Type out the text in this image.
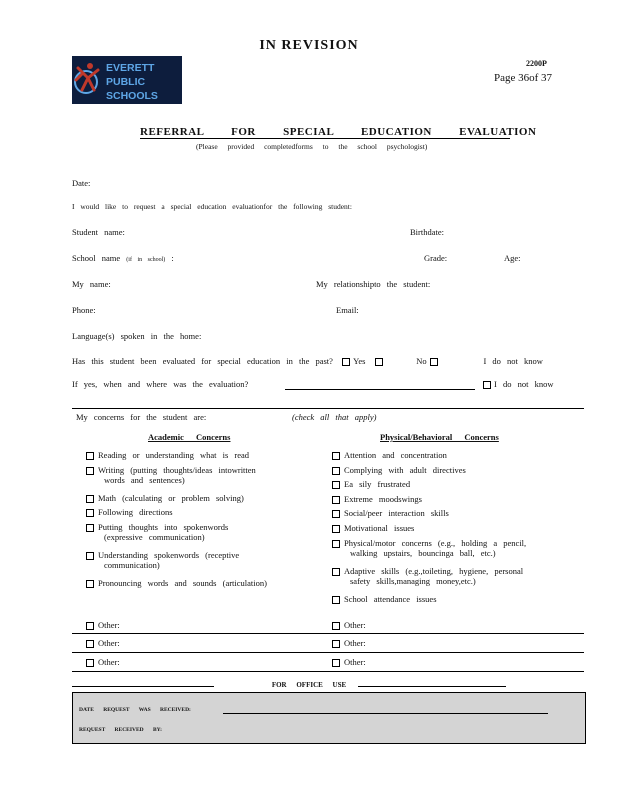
IN REVISION
2200P
Page 36of 37
EVERETT
PUBLIC
SCHOOLS
REFERRAL FOR SPECIAL EDUCATION EVALUATION
(Please provided completedforms to the school psychologist)
Date:
I would like to request a special education evaluationfor the following student:
Student name:	Birthdate:
School name (if in school) :	Grade:	Age:
My name:	My relationshipto the student:
Phone:	Email:
Language(s) spoken in the home:
Has this student been evaluated for special education in the past? Yes	No	I do not know
If yes, when and where was the evaluation?	I do not know
My concerns for the student are:	(check all that apply)
Academic Concerns	Physical/Behavioral Concerns
Reading or understanding what is read
Writing (putting thoughts/ideas intowritten
words and sentences)
Math (calculating or problem solving)
Following directions
Putting thoughts into spokenwords
(expressive communication)
Understanding spokenwords (receptive
communication)
Pronouncing words and sounds (articulation)
Attention and concentration
Complying with adult directives
Ea sily frustrated
Extreme moodswings
Social/peer interaction skills
Motivational issues
Physical/motor concerns (e.g., holding a pencil,
walking upstairs, bouncinga ball, etc.)
Adaptive skills (e.g.,toileting, hygiene, personal
safety skills,managing money,etc.)
School attendance issues
Other:	Other:
Other:	Other:
Other:	Other:
FOR OFFICE USE
DATE REQUEST WAS RECEIVED:
REQUEST RECEIVED BY:
